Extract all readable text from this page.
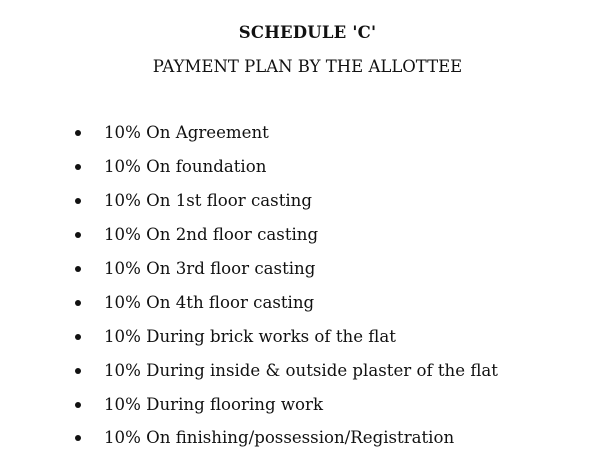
SCHEDULE 'C'
PAYMENT PLAN BY THE ALLOTTEE
10% On Agreement
10% On foundation
10% On 1st floor casting
10% On 2nd floor casting
10% On 3rd floor casting
10% On 4th floor casting
10% During brick works of the flat
10% During inside & outside plaster of the flat
10% During flooring work
10% On finishing/possession/Registration
